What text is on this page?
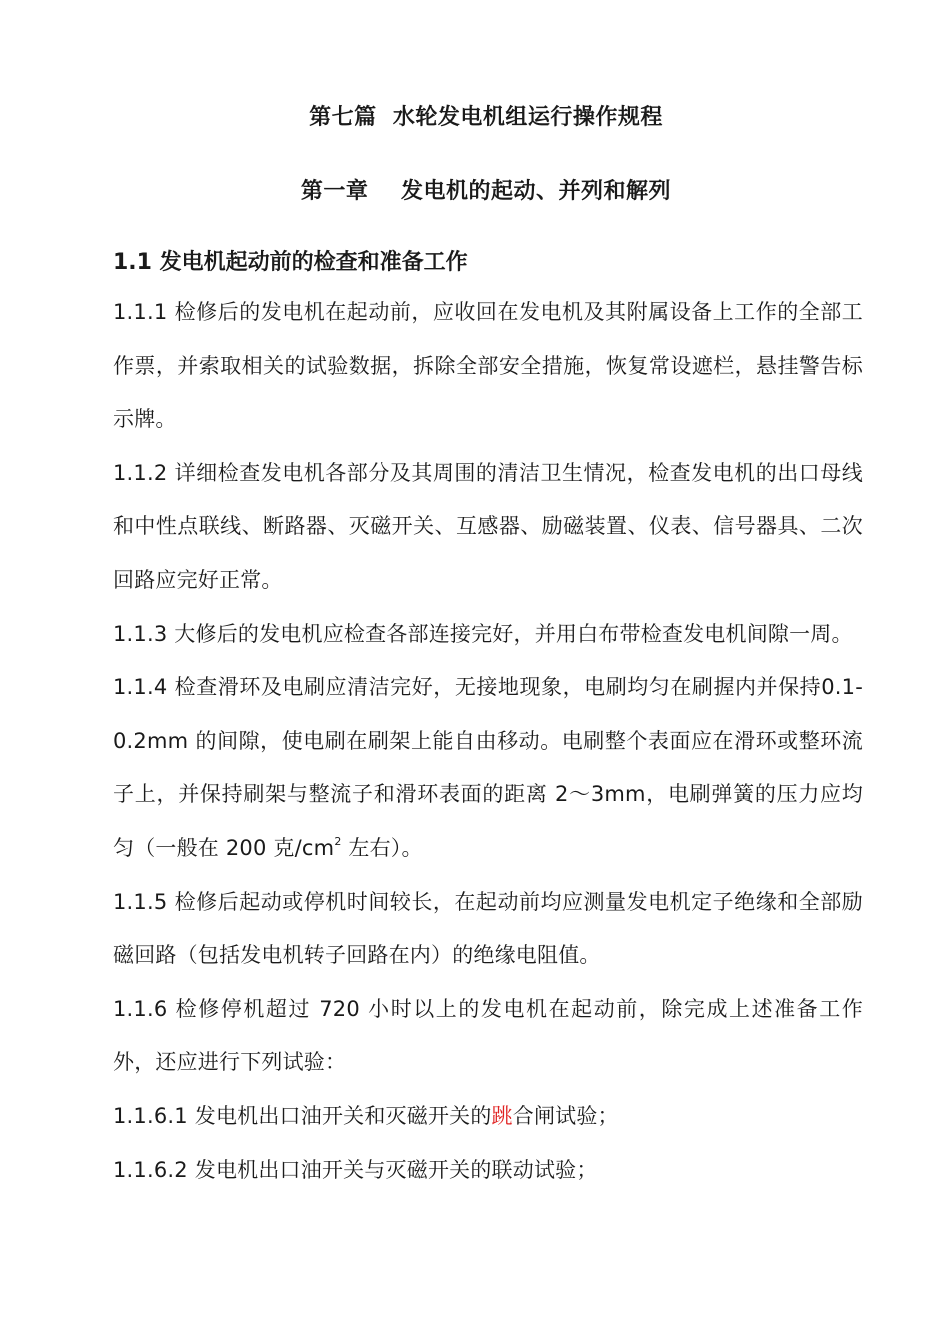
第七篇  水轮发电机组运行操作规程
第一章    发电机的起动、并列和解列
1.1 发电机起动前的检查和准备工作

1.1.1 检修后的发电机在起动前，应收回在发电机及其附属设备上工作的全部工作票，并索取相关的试验数据，拆除全部安全措施，恢复常设遮栏，悬挂警告标示牌。

1.1.2 详细检查发电机各部分及其周围的清洁卫生情况，检查发电机的出口母线和中性点联线、断路器、灭磁开关、互感器、励磁装置、仪表、信号器具、二次回路应完好正常。

1.1.3 大修后的发电机应检查各部连接完好，并用白布带检查发电机间隙一周。

1.1.4 检查滑环及电刷应清洁完好，无接地现象，电刷均匀在刷握内并保持0.1-0.2mm 的间隙，使电刷在刷架上能自由移动。电刷整个表面应在滑环或整环流子上，并保持刷架与整流子和滑环表面的距离 2～3mm，电刷弹簧的压力应均匀（一般在 200 克$/cm^2$ 左右）。

1.1.5 检修后起动或停机时间较长，在起动前均应测量发电机定子绝缘和全部励磁回路（包括发电机转子回路在内）的绝缘电阻值。

1.1.6 检修停机超过 720 小时以上的发电机在起动前，除完成上述准备工作外，还应进行下列试验：

1.1.6.1 发电机出口油开关和灭磁开关的跳合闸试验；

1.1.6.2 发电机出口油开关与灭磁开关的联动试验；
